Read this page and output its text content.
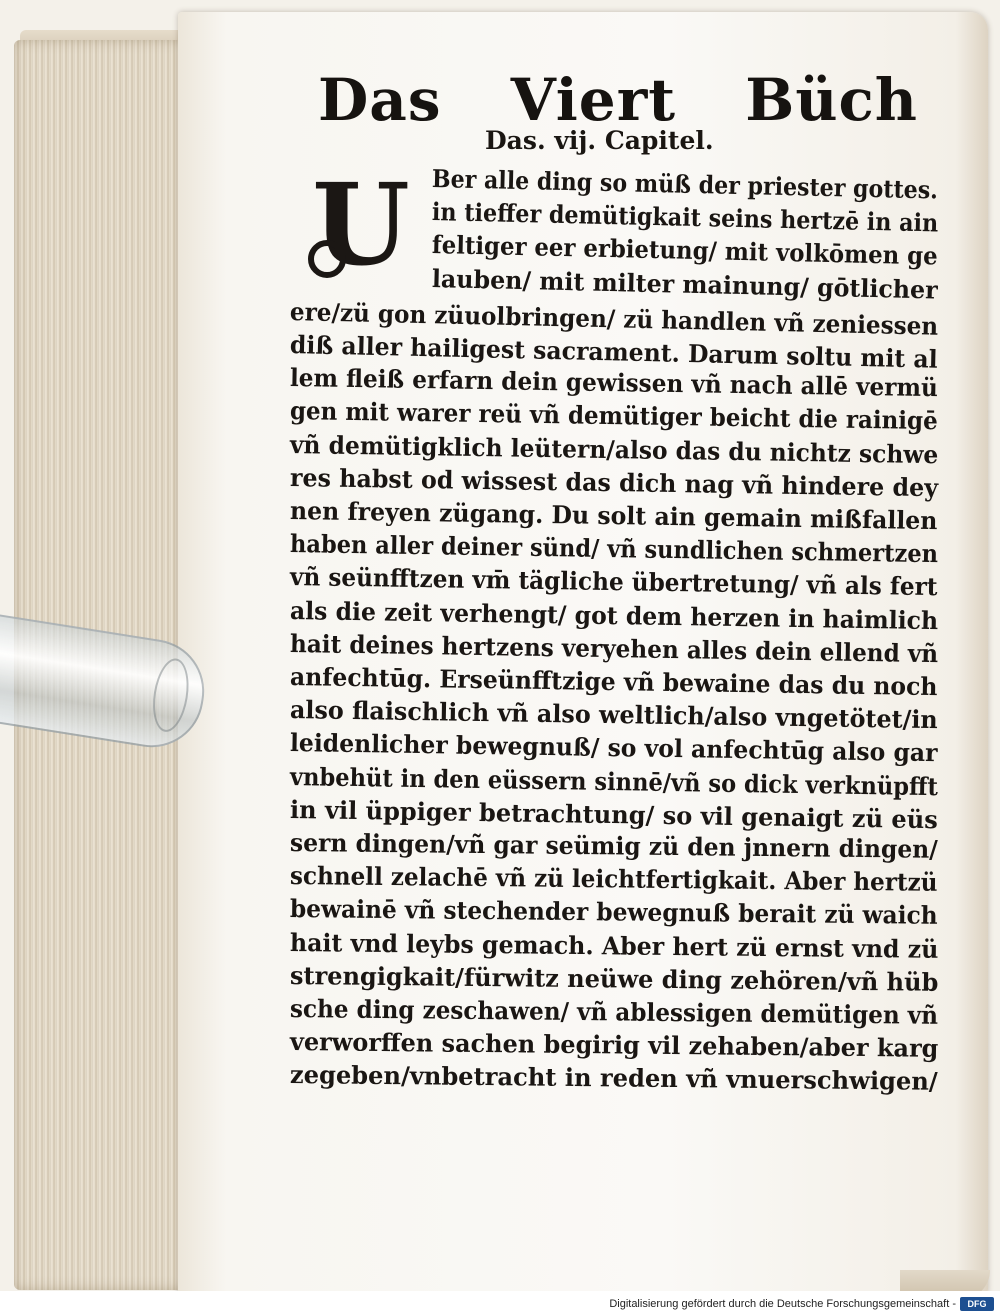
Das Viert Büch
Das. vij. Capitel.
U Ber alle ding so müß der priester gottes.
in tieffer demütigkait seins hertzē in ain
feltiger eer erbietung/ mit volkōmen ge
lauben/ mit milter mainung/ gōtlicher
ere/zü gon züuolbringen/ zü handlen vñ zeniessen
diß aller hailigest sacrament. Darum soltu mit al
lem fleiß erfarn dein gewissen vñ nach allē vermü
gen mit warer reü vñ demütiger beicht die rainigē
vñ demütigklich leütern/also das du nichtz schwe
res habst od wissest das dich nag vñ hindere dey
nen freyen zügang. Du solt ain gemain mißfallen
haben aller deiner sünd/ vñ sundlichen schmertzen
vñ seünfftzen vm̄ tägliche übertretung/ vñ als fert
als die zeit verhengt/ got dem herzen in haimlich
hait deines hertzens veryehen alles dein ellend vñ
anfechtūg. Erseünfftzige vñ bewaine das du noch
also flaischlich vñ also weltlich/also vngetötet/in
leidenlicher bewegnuß/ so vol anfechtūg also gar
vnbehüt in den eüssern sinnē/vñ so dick verknüpfft
in vil üppiger betrachtung/ so vil genaigt zü eüs
sern dingen/vñ gar seümig zü den jnnern dingen/
schnell zelachē vñ zü leichtfertigkait. Aber hertzü
bewainē vñ stechender bewegnuß berait zü waich
hait vnd leybs gemach. Aber hert zü ernst vnd zü
strengigkait/fürwitz neüwe ding zehören/vñ hüb
sche ding zeschawen/ vñ ablessigen demütigen vñ
verworffen sachen begirig vil zehaben/aber karg
zegeben/vnbetracht in reden vñ vnuerschwigen/
Digitalisierung gefördert durch die Deutsche Forschungsgemeinschaft -	DFG
